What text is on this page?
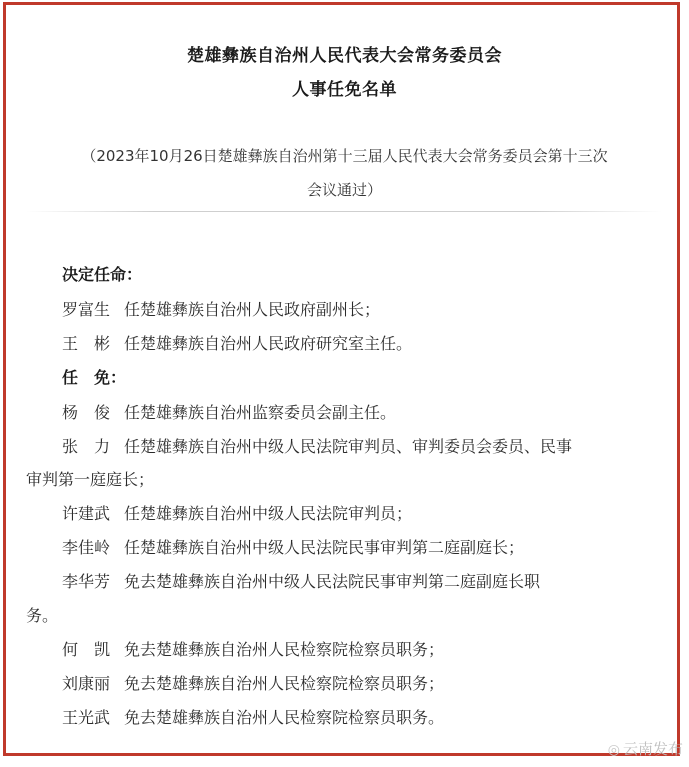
楚雄彝族自治州人民代表大会常务委员会
人事任免名单
（2023年10月26日楚雄彝族自治州第十三届人民代表大会常务委员会第十三次
会议通过）
决定任命：
罗富生 任楚雄彝族自治州人民政府副州长；
王　彬 任楚雄彝族自治州人民政府研究室主任。
任　免：
杨　俊 任楚雄彝族自治州监察委员会副主任。
张　力 任楚雄彝族自治州中级人民法院审判员、审判委员会委员、民事
审判第一庭庭长；
许建武 任楚雄彝族自治州中级人民法院审判员；
李佳岭 任楚雄彝族自治州中级人民法院民事审判第二庭副庭长；
李华芳 免去楚雄彝族自治州中级人民法院民事审判第二庭副庭长职
务。
何　凯 免去楚雄彝族自治州人民检察院检察员职务；
刘康丽 免去楚雄彝族自治州人民检察院检察员职务；
王光武 免去楚雄彝族自治州人民检察院检察员职务。
◎ 云南发布
